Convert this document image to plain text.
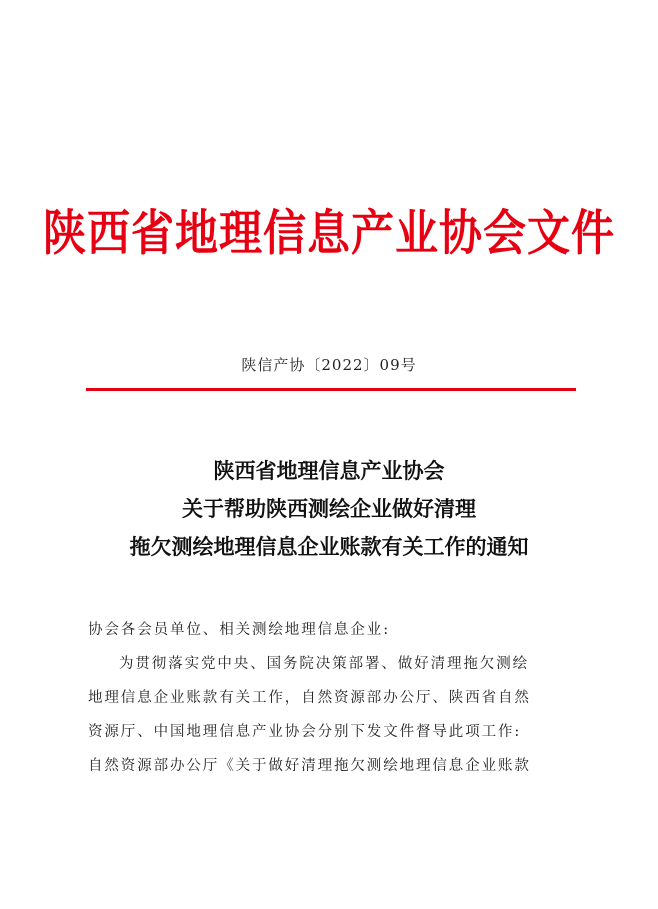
陕西省地理信息产业协会文件
陕信产协〔2022〕09号
陕西省地理信息产业协会
关于帮助陕西测绘企业做好清理
拖欠测绘地理信息企业账款有关工作的通知
协会各会员单位、相关测绘地理信息企业:
为贯彻落实党中央、国务院决策部署、做好清理拖欠测绘
地理信息企业账款有关工作，自然资源部办公厅、陕西省自然
资源厅、中国地理信息产业协会分别下发文件督导此项工作:
自然资源部办公厅《关于做好清理拖欠测绘地理信息企业账款
